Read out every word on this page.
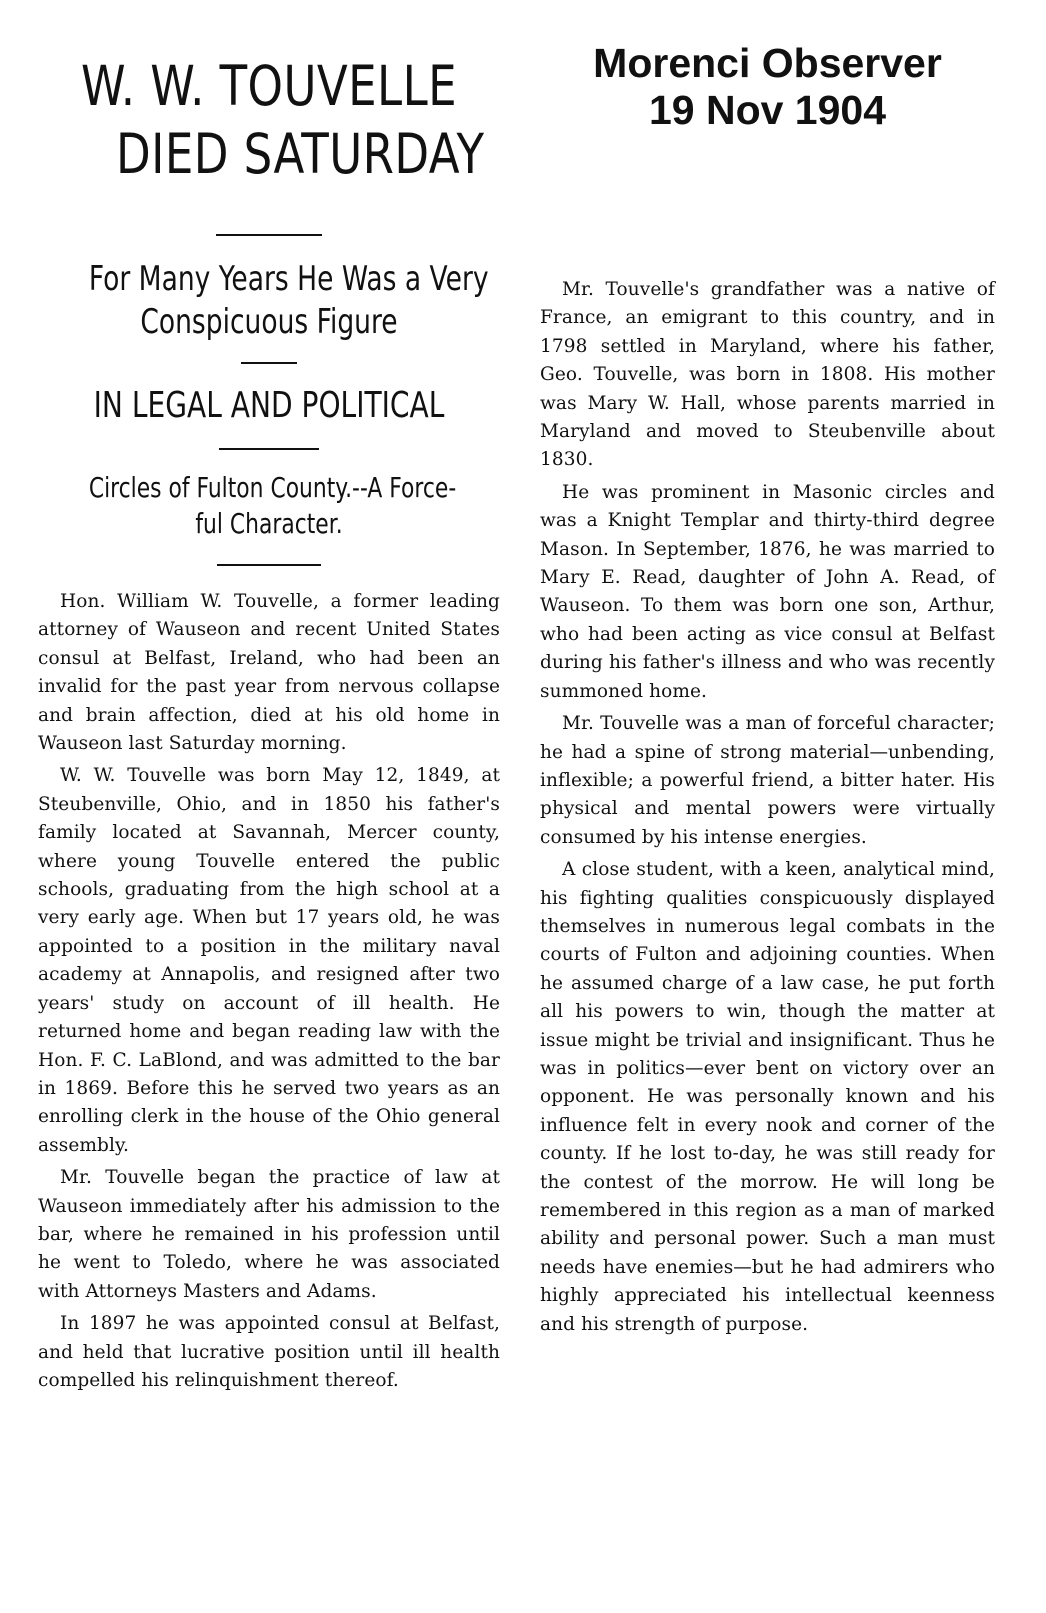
W. W. TOUVELLE
DIED SATURDAY
For Many Years He Was a Very
Conspicuous Figure
IN LEGAL AND POLITICAL
Circles of Fulton County.--A Force-
ful Character.

Hon. William W. Touvelle, a former leading attorney of Wauseon and recent United States consul at Belfast, Ireland, who had been an invalid for the past year from nervous collapse and brain affection, died at his old home in Wauseon last Saturday morning.

W. W. Touvelle was born May 12, 1849, at Steubenville, Ohio, and in 1850 his father's family located at Savannah, Mercer county, where young Touvelle entered the public schools, graduating from the high school at a very early age. When but 17 years old, he was appointed to a position in the military naval academy at Annapolis, and resigned after two years' study on account of ill health. He returned home and began reading law with the Hon. F. C. LaBlond, and was admitted to the bar in 1869. Before this he served two years as an enrolling clerk in the house of the Ohio general assembly.

Mr. Touvelle began the practice of law at Wauseon immediately after his admission to the bar, where he remained in his profession until he went to Toledo, where he was associated with Attorneys Masters and Adams.

In 1897 he was appointed consul at Belfast, and held that lucrative position until ill health compelled his relinquishment thereof.

Morenci Observer
19 Nov 1904

Mr. Touvelle's grandfather was a native of France, an emigrant to this country, and in 1798 settled in Maryland, where his father, Geo. Touvelle, was born in 1808. His mother was Mary W. Hall, whose parents married in Maryland and moved to Steubenville about 1830.

He was prominent in Masonic circles and was a Knight Templar and thirty-third degree Mason. In September, 1876, he was married to Mary E. Read, daughter of John A. Read, of Wauseon. To them was born one son, Arthur, who had been acting as vice consul at Belfast during his father's illness and who was recently summoned home.

Mr. Touvelle was a man of forceful character; he had a spine of strong material—unbending, inflexible; a powerful friend, a bitter hater. His physical and mental powers were virtually consumed by his intense energies.

A close student, with a keen, analytical mind, his fighting qualities conspicuously displayed themselves in numerous legal combats in the courts of Fulton and adjoining counties. When he assumed charge of a law case, he put forth all his powers to win, though the matter at issue might be trivial and insignificant. Thus he was in politics—ever bent on victory over an opponent. He was personally known and his influence felt in every nook and corner of the county. If he lost to-day, he was still ready for the contest of the morrow. He will long be remembered in this region as a man of marked ability and personal power. Such a man must needs have enemies—but he had admirers who highly appreciated his intellectual keenness and his strength of purpose.
